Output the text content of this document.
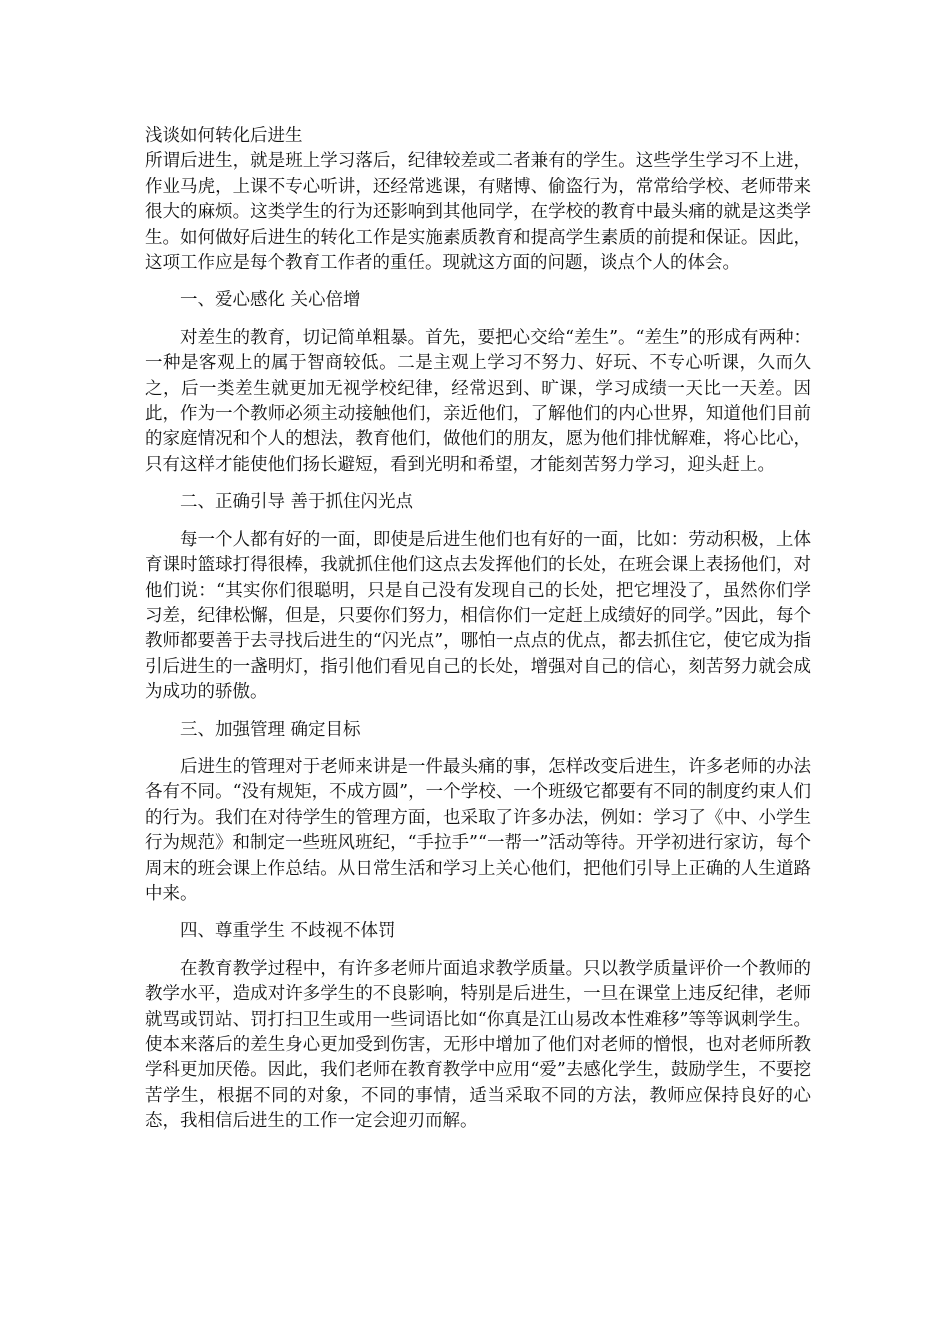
浅谈如何转化后进生

所谓后进生，就是班上学习落后，纪律较差或二者兼有的学生。这些学生学习不上进，作业马虎，上课不专心听讲，还经常逃课，有赌博、偷盗行为，常常给学校、老师带来很大的麻烦。这类学生的行为还影响到其他同学，在学校的教育中最头痛的就是这类学生。如何做好后进生的转化工作是实施素质教育和提高学生素质的前提和保证。因此，这项工作应是每个教育工作者的重任。现就这方面的问题，谈点个人的体会。

一、爱心感化 关心倍增

对差生的教育，切记简单粗暴。首先，要把心交给“差生”。“差生”的形成有两种：一种是客观上的属于智商较低。二是主观上学习不努力、好玩、不专心听课，久而久之，后一类差生就更加无视学校纪律，经常迟到、旷课，学习成绩一天比一天差。因此，作为一个教师必须主动接触他们，亲近他们，了解他们的内心世界，知道他们目前的家庭情况和个人的想法，教育他们，做他们的朋友，愿为他们排忧解难，将心比心，只有这样才能使他们扬长避短，看到光明和希望，才能刻苦努力学习，迎头赶上。

二、正确引导 善于抓住闪光点

每一个人都有好的一面，即使是后进生他们也有好的一面，比如：劳动积极，上体育课时篮球打得很棒，我就抓住他们这点去发挥他们的长处，在班会课上表扬他们，对他们说：“其实你们很聪明，只是自己没有发现自己的长处，把它埋没了，虽然你们学习差，纪律松懈，但是，只要你们努力，相信你们一定赶上成绩好的同学。”因此，每个教师都要善于去寻找后进生的“闪光点”，哪怕一点点的优点，都去抓住它，使它成为指引后进生的一盏明灯，指引他们看见自己的长处，增强对自己的信心，刻苦努力就会成为成功的骄傲。

三、加强管理 确定目标

后进生的管理对于老师来讲是一件最头痛的事，怎样改变后进生，许多老师的办法各有不同。“没有规矩，不成方圆”，一个学校、一个班级它都要有不同的制度约束人们的行为。我们在对待学生的管理方面，也采取了许多办法，例如：学习了《中、小学生行为规范》和制定一些班风班纪，“手拉手”“一帮一”活动等待。开学初进行家访，每个周末的班会课上作总结。从日常生活和学习上关心他们，把他们引导上正确的人生道路中来。

四、尊重学生 不歧视不体罚

在教育教学过程中，有许多老师片面追求教学质量。只以教学质量评价一个教师的教学水平，造成对许多学生的不良影响，特别是后进生，一旦在课堂上违反纪律，老师就骂或罚站、罚打扫卫生或用一些词语比如“你真是江山易改本性难移”等等讽刺学生。使本来落后的差生身心更加受到伤害，无形中增加了他们对老师的憎恨，也对老师所教学科更加厌倦。因此，我们老师在教育教学中应用“爱”去感化学生，鼓励学生，不要挖苦学生，根据不同的对象，不同的事情，适当采取不同的方法，教师应保持良好的心态，我相信后进生的工作一定会迎刃而解。
